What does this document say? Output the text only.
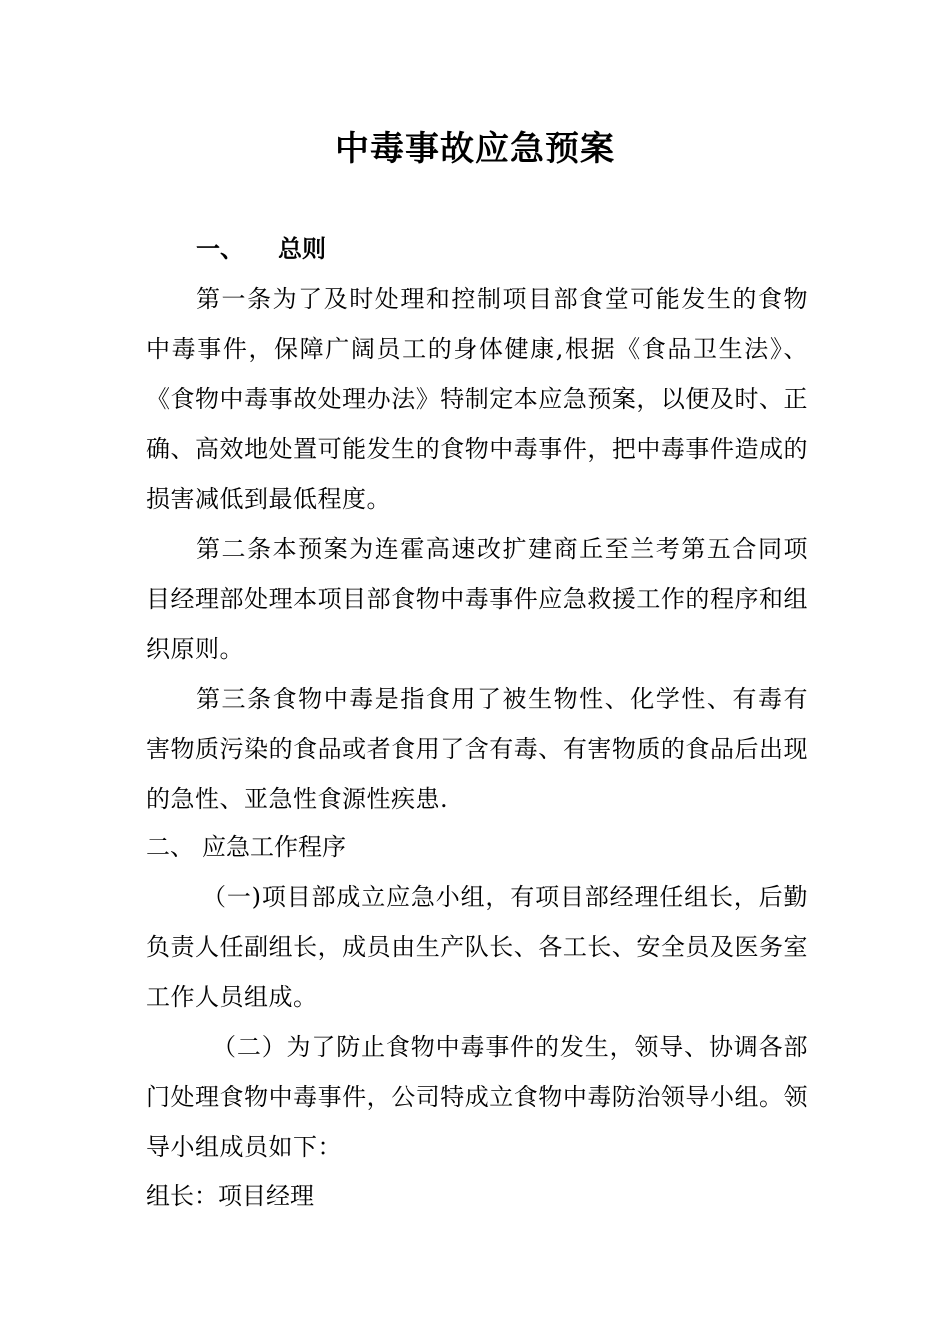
中毒事故应急预案
一、 总则
第一条为了及时处理和控制项目部食堂可能发生的食物中毒事件，保障广阔员工的身体健康,根据《食品卫生法》、《食物中毒事故处理办法》特制定本应急预案，以便及时、正确、高效地处置可能发生的食物中毒事件，把中毒事件造成的损害减低到最低程度。
第二条本预案为连霍高速改扩建商丘至兰考第五合同项目经理部处理本项目部食物中毒事件应急救援工作的程序和组织原则。
第三条食物中毒是指食用了被生物性、化学性、有毒有害物质污染的食品或者食用了含有毒、有害物质的食品后出现的急性、亚急性食源性疾患.
二、 应急工作程序
（一)项目部成立应急小组，有项目部经理任组长，后勤负责人任副组长，成员由生产队长、各工长、安全员及医务室工作人员组成。
（二）为了防止食物中毒事件的发生，领导、协调各部门处理食物中毒事件，公司特成立食物中毒防治领导小组。领导小组成员如下：
组长：项目经理
